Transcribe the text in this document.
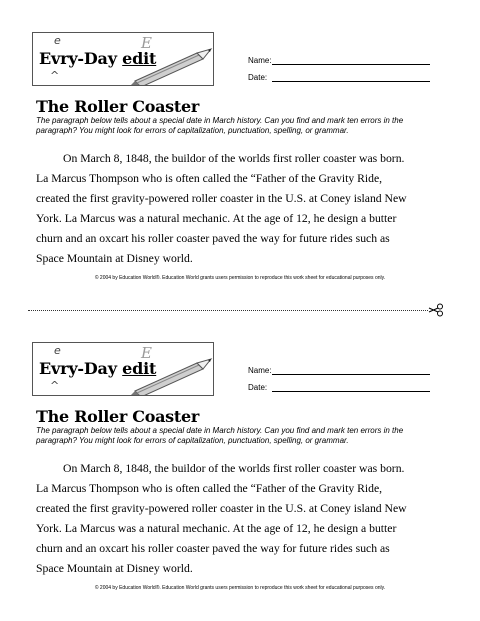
e
^
E
Evry-Day edit	Name:
Date:
The Roller Coaster
The paragraph below tells about a special date in March history. Can you find and mark ten errors in the paragraph? You might look for errors of capitalization, punctuation, spelling, or grammar.
On March 8, 1848, the buildor of the worlds first roller coaster was born.
La Marcus Thompson who is often called the “Father of the Gravity Ride,
created the first gravity-powered roller coaster in the U.S. at Coney island New
York. La Marcus was a natural mechanic. At the age of 12, he design a butter
churn and an oxcart his roller coaster paved the way for future rides such as
Space Mountain at Disney world.
© 2004 by Education World®. Education World grants users permission to reproduce this work sheet for educational purposes only.
e
^
E
Evry-Day edit	Name:
Date:
The Roller Coaster
The paragraph below tells about a special date in March history. Can you find and mark ten errors in the paragraph? You might look for errors of capitalization, punctuation, spelling, or grammar.
On March 8, 1848, the buildor of the worlds first roller coaster was born.
La Marcus Thompson who is often called the “Father of the Gravity Ride,
created the first gravity-powered roller coaster in the U.S. at Coney island New
York. La Marcus was a natural mechanic. At the age of 12, he design a butter
churn and an oxcart his roller coaster paved the way for future rides such as
Space Mountain at Disney world.
© 2004 by Education World®. Education World grants users permission to reproduce this work sheet for educational purposes only.
